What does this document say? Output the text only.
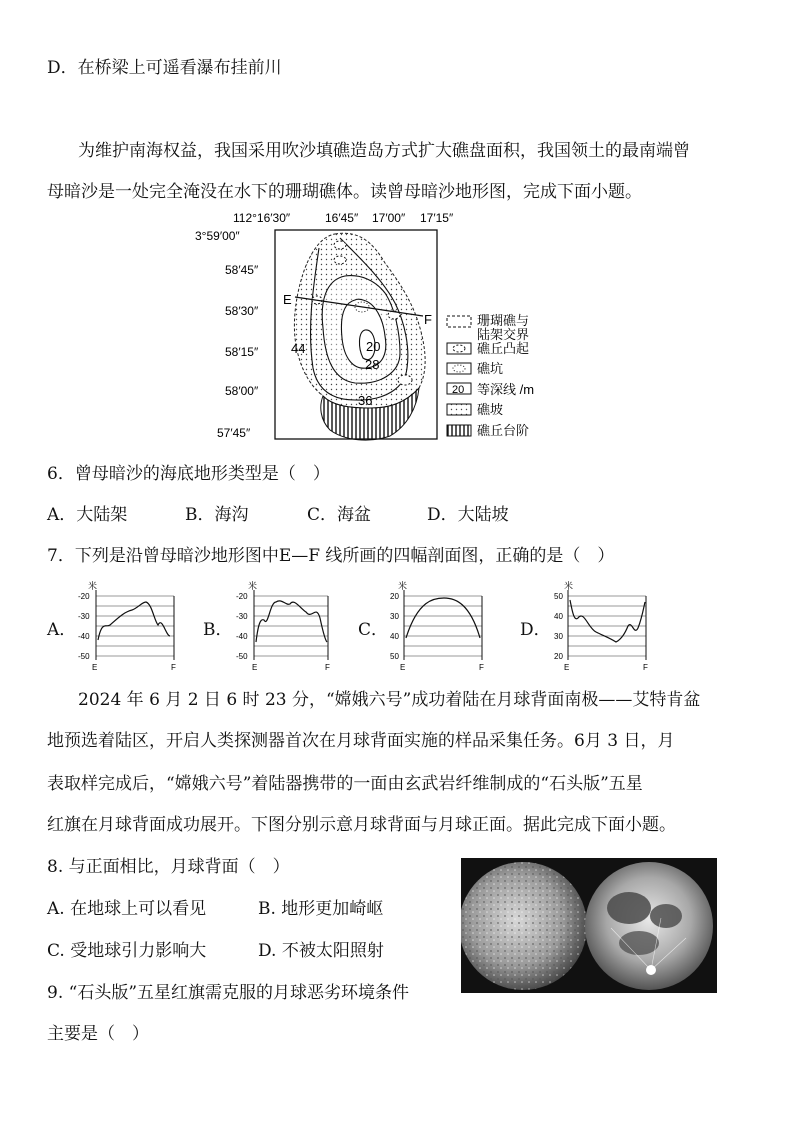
D．在桥梁上可遥看瀑布挂前川
为维护南海权益，我国采用吹沙填礁造岛方式扩大礁盘面积，我国领土的最南端曾
母暗沙是一处完全淹没在水下的珊瑚礁体。读曾母暗沙地形图，完成下面小题。
112°16′30″	16′45″ 17′00″ 17′15″
3°59′00″
58′45″
58′30″
58′15″
58′00″
57′45″
E
F
44	20
28
36
珊瑚礁与
陆架交界
礁丘凸起
礁坑
20 等深线 /m
礁坡
礁丘台阶
6．曾母暗沙的海底地形类型是（　）
A．大陆架	B．海沟	C．海盆	D．大陆坡
7．下列是沿曾母暗沙地形图中E—F 线所画的四幅剖面图，正确的是（　）
A．	B．	C．	D．
米
-20
-30
-40
-50
E	F
米
-20
-30
-40
-50
E	F
米
20
30
40
50
E	F
米
50
40
30
20
E	F
2024 年 6 月 2 日 6 时 23 分，“嫦娥六号”成功着陆在月球背面南极——艾特肯盆
地预选着陆区，开启人类探测器首次在月球背面实施的样品采集任务。6月 3 日，月
表取样完成后，“嫦娥六号”着陆器携带的一面由玄武岩纤维制成的“石头版”五星
红旗在月球背面成功展开。下图分别示意月球背面与月球正面。据此完成下面小题。
8. 与正面相比，月球背面（　）
A. 在地球上可以看见	B. 地形更加崎岖
C. 受地球引力影响大	D. 不被太阳照射
9. “石头版”五星红旗需克服的月球恶劣环境条件
主要是（　）
